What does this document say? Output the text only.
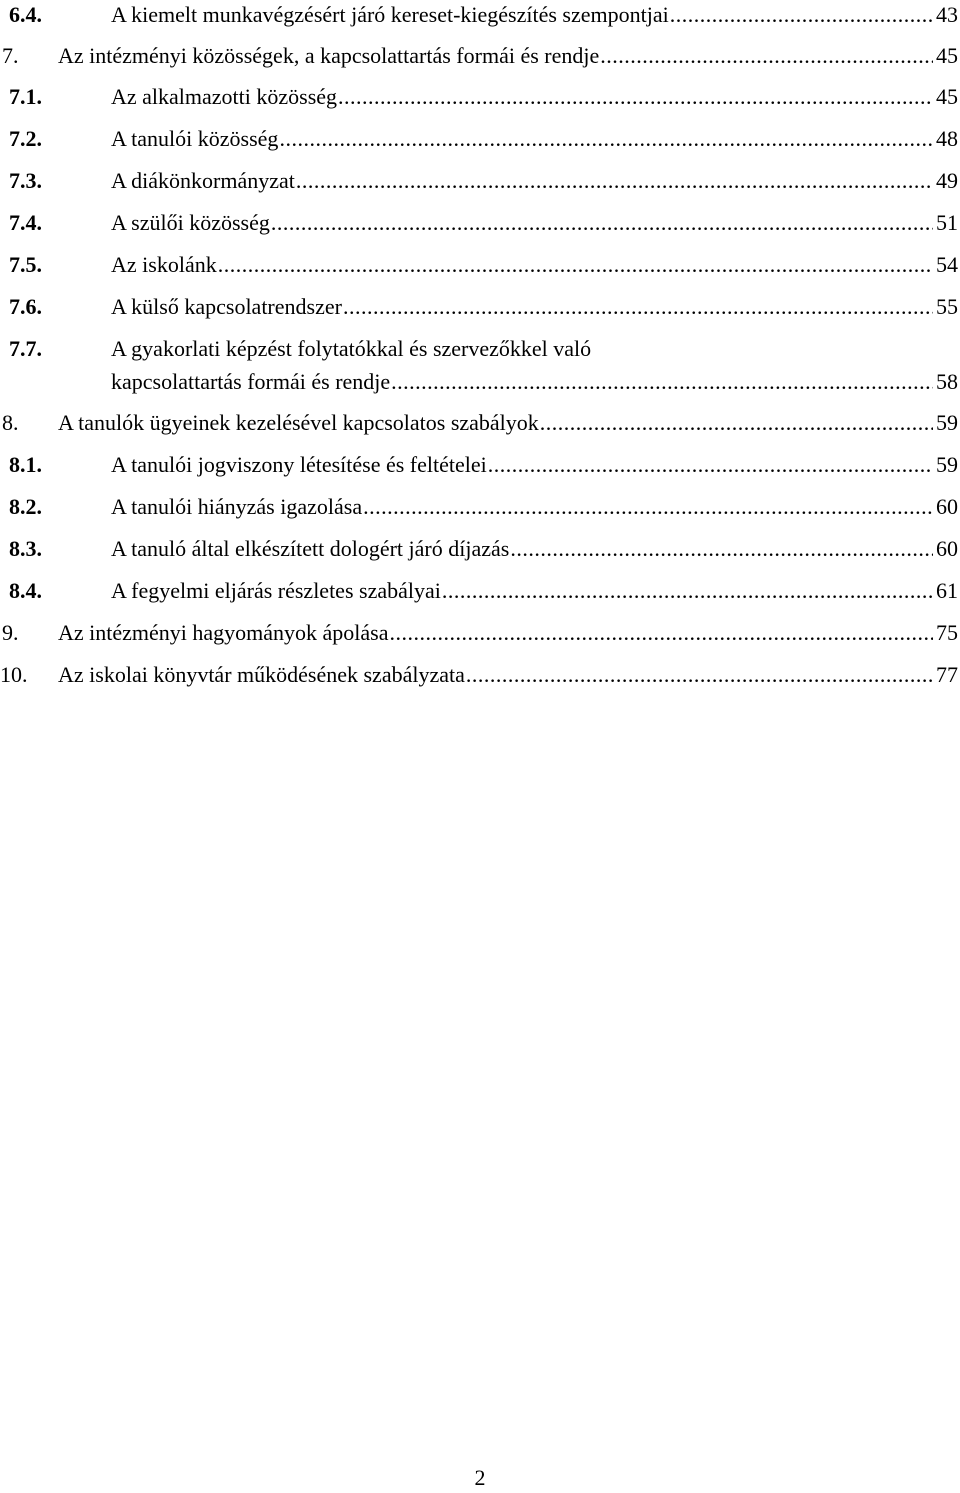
6.4.	A kiemelt munkavégzésért járó kereset-kiegészítés szempontjai .....	43
7. Az intézményi közösségek, a kapcsolattartás formái és rendje .....	45
7.1.	Az alkalmazotti közösség .....	45
7.2.	A tanulói közösség .....	48
7.3.	A diákönkormányzat .....	49
7.4.	A szülői közösség .....	51
7.5.	Az iskolánk .....	54
7.6.	A külső kapcsolatrendszer .....	55
7.7.	A gyakorlati képzést folytatókkal és szervezőkkel való
kapcsolattartás formái és rendje .....	58
8. A tanulók ügyeinek kezelésével kapcsolatos szabályok .....	59
8.1.	A tanulói jogviszony létesítése és feltételei .....	59
8.2.	A tanulói hiányzás igazolása .....	60
8.3.	A tanuló által elkészített dologért járó díjazás .....	60
8.4.	A fegyelmi eljárás részletes szabályai .....	61
9. Az intézményi hagyományok ápolása .....	75
10. Az iskolai könyvtár működésének szabályzata .....	77
2
